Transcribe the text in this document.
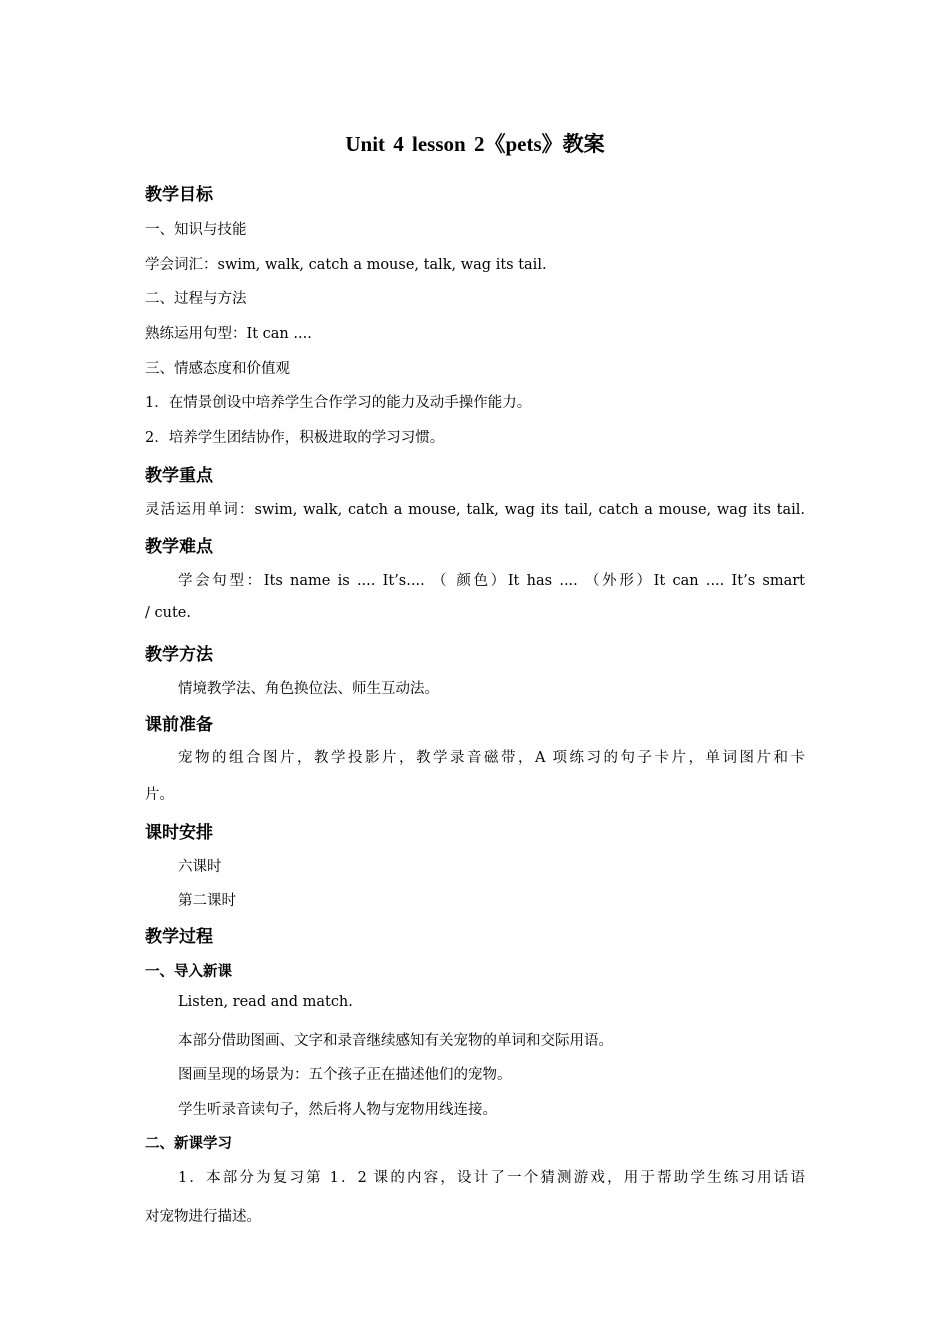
Unit 4 lesson 2《pets》教案
教学目标
一、知识与技能
学会词汇：swim, walk, catch a mouse, talk, wag its tail.
二、过程与方法
熟练运用句型：It can ....
三、情感态度和价值观
1．在情景创设中培养学生合作学习的能力及动手操作能力。
2．培养学生团结协作，积极进取的学习习惯。
教学重点
灵活运用单词：swim, walk, catch a mouse, talk, wag its tail, catch a mouse, wag its tail.
教学难点
学会句型：Its name is .... It’s.... （ 颜色）It has .... （外形）It can .... It’s smart
/ cute.
教学方法
情境教学法、角色换位法、师生互动法。
课前准备
宠物的组合图片，教学投影片，教学录音磁带，A 项练习的句子卡片，单词图片和卡
片。
课时安排
六课时
第二课时
教学过程
一、导入新课
Listen, read and match.
本部分借助图画、文字和录音继续感知有关宠物的单词和交际用语。
图画呈现的场景为：五个孩子正在描述他们的宠物。
学生听录音读句子，然后将人物与宠物用线连接。
二、新课学习
1．本部分为复习第 1．2 课的内容，设计了一个猜测游戏，用于帮助学生练习用话语
对宠物进行描述。
